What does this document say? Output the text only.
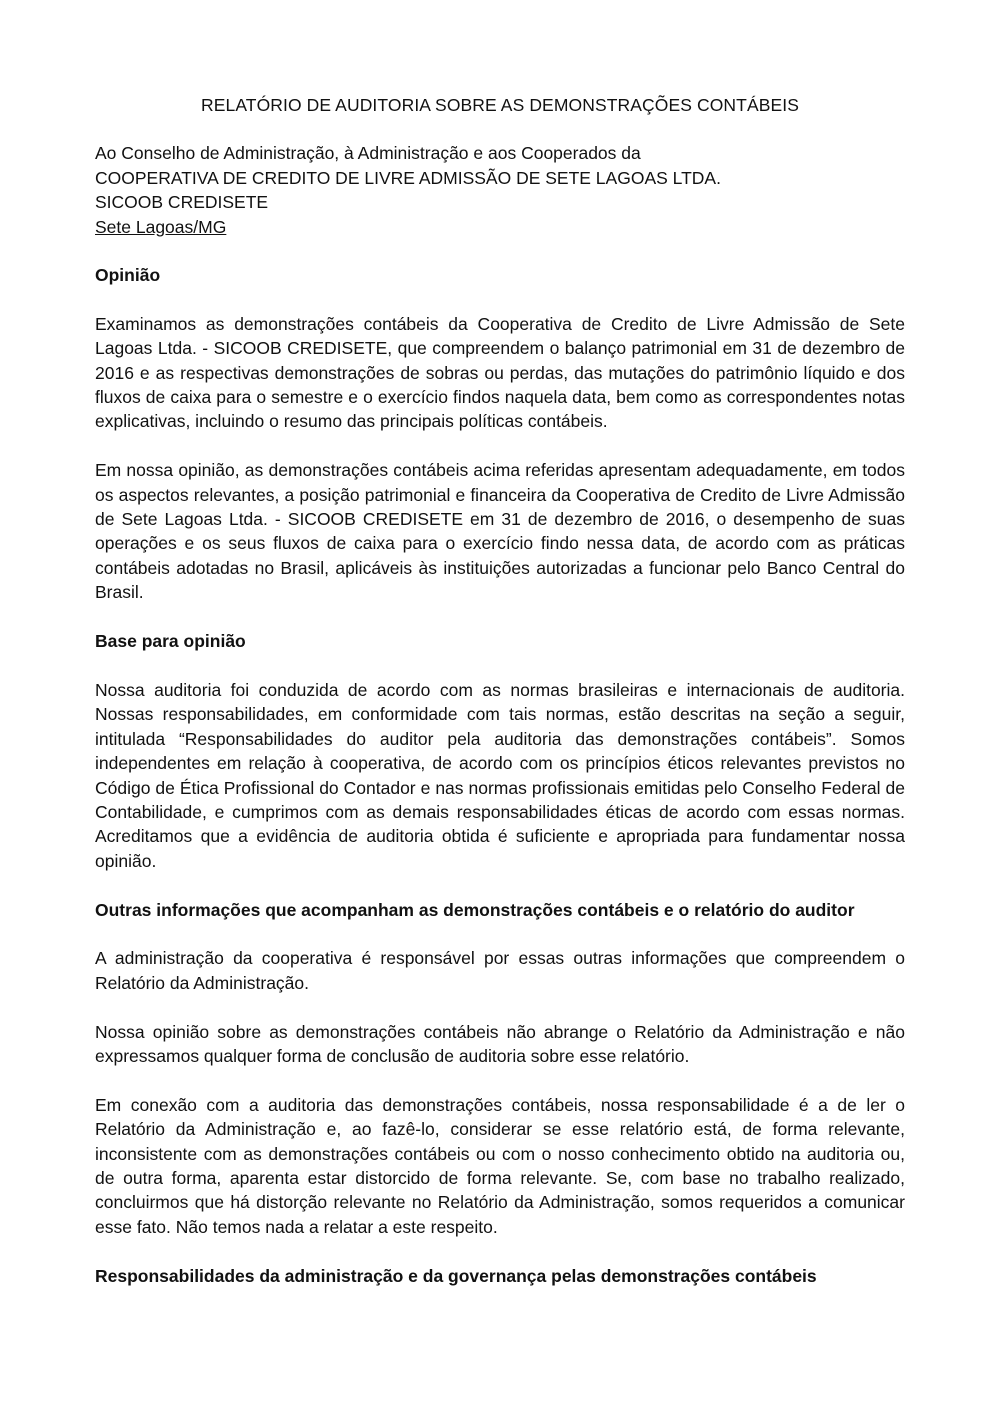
RELATÓRIO DE AUDITORIA SOBRE AS DEMONSTRAÇÕES CONTÁBEIS
Ao Conselho de Administração, à Administração e aos Cooperados da
COOPERATIVA DE CREDITO DE LIVRE ADMISSÃO DE SETE LAGOAS LTDA.
SICOOB CREDISETE
Sete Lagoas/MG
Opinião

Examinamos as demonstrações contábeis da Cooperativa de Credito de Livre Admissão de Sete Lagoas Ltda. - SICOOB CREDISETE, que compreendem o balanço patrimonial em 31 de dezembro de 2016 e as respectivas demonstrações de sobras ou perdas, das mutações do patrimônio líquido e dos fluxos de caixa para o semestre e o exercício findos naquela data, bem como as correspondentes notas explicativas, incluindo o resumo das principais políticas contábeis.

Em nossa opinião, as demonstrações contábeis acima referidas apresentam adequadamente, em todos os aspectos relevantes, a posição patrimonial e financeira da Cooperativa de Credito de Livre Admissão de Sete Lagoas Ltda. - SICOOB CREDISETE em 31 de dezembro de 2016, o desempenho de suas operações e os seus fluxos de caixa para o exercício findo nessa data, de acordo com as práticas contábeis adotadas no Brasil, aplicáveis às instituições autorizadas a funcionar pelo Banco Central do Brasil.

Base para opinião

Nossa auditoria foi conduzida de acordo com as normas brasileiras e internacionais de auditoria. Nossas responsabilidades, em conformidade com tais normas, estão descritas na seção a seguir, intitulada “Responsabilidades do auditor pela auditoria das demonstrações contábeis”. Somos independentes em relação à cooperativa, de acordo com os princípios éticos relevantes previstos no Código de Ética Profissional do Contador e nas normas profissionais emitidas pelo Conselho Federal de Contabilidade, e cumprimos com as demais responsabilidades éticas de acordo com essas normas. Acreditamos que a evidência de auditoria obtida é suficiente e apropriada para fundamentar nossa opinião.

Outras informações que acompanham as demonstrações contábeis e o relatório do auditor

A administração da cooperativa é responsável por essas outras informações que compreendem o Relatório da Administração.

Nossa opinião sobre as demonstrações contábeis não abrange o Relatório da Administração e não expressamos qualquer forma de conclusão de auditoria sobre esse relatório.

Em conexão com a auditoria das demonstrações contábeis, nossa responsabilidade é a de ler o Relatório da Administração e, ao fazê-lo, considerar se esse relatório está, de forma relevante, inconsistente com as demonstrações contábeis ou com o nosso conhecimento obtido na auditoria ou, de outra forma, aparenta estar distorcido de forma relevante. Se, com base no trabalho realizado, concluirmos que há distorção relevante no Relatório da Administração, somos requeridos a comunicar esse fato. Não temos nada a relatar a este respeito.

Responsabilidades da administração e da governança pelas demonstrações contábeis
